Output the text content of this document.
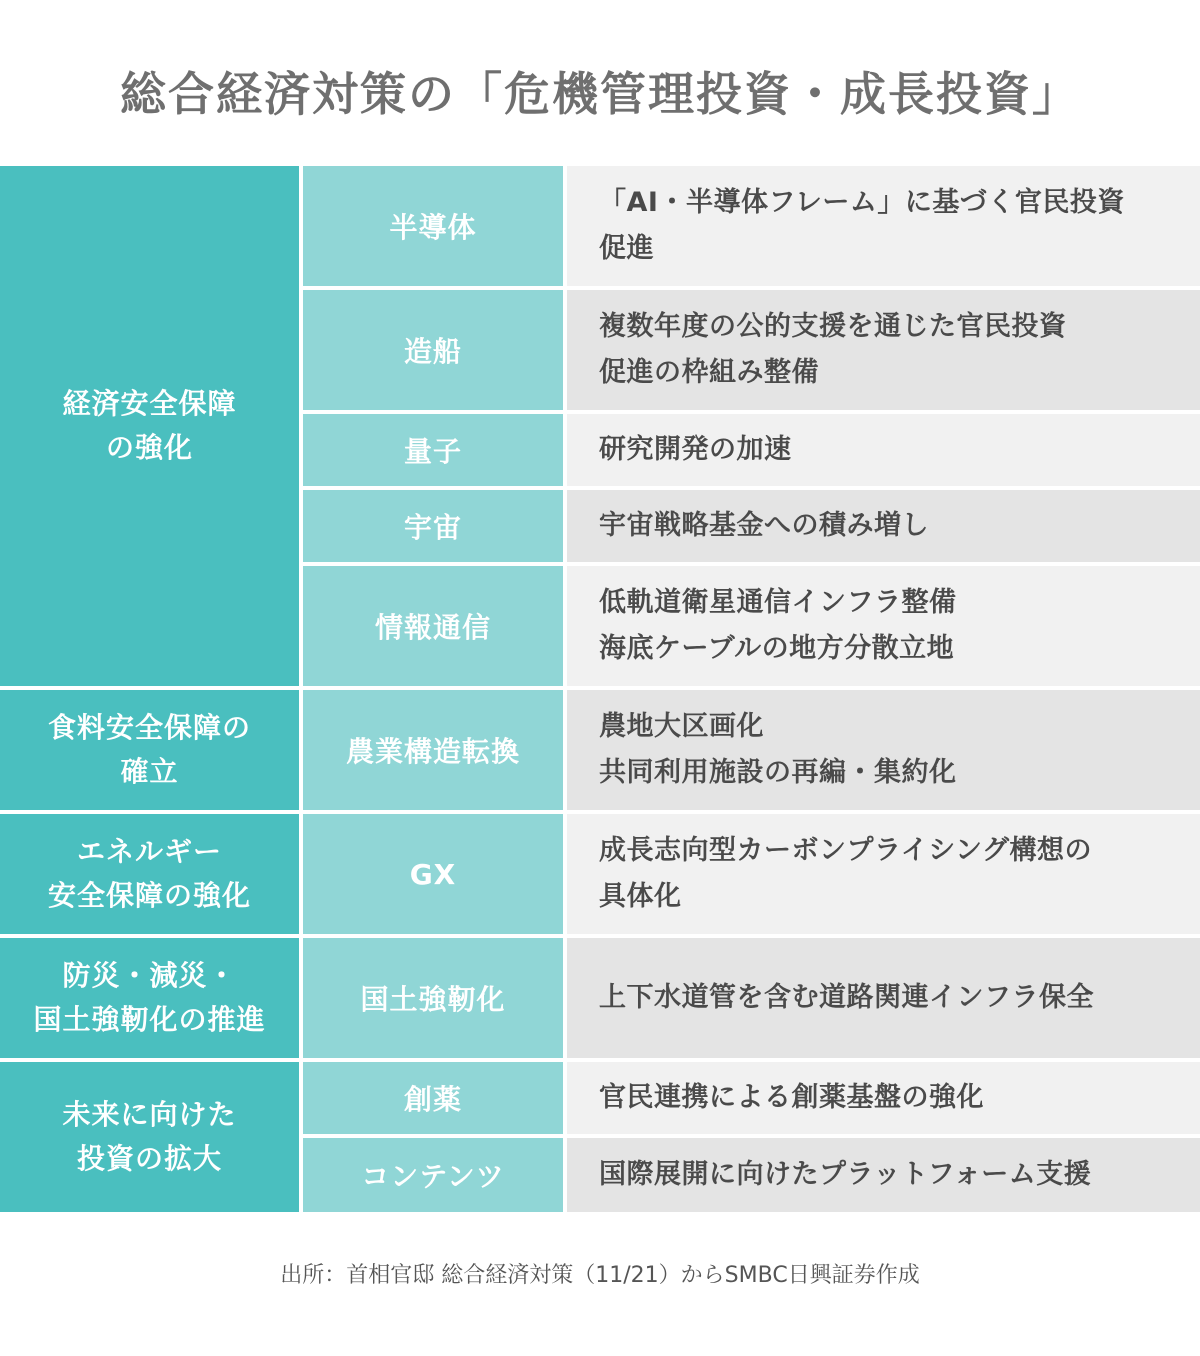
総合経済対策の「危機管理投資・成長投資」
経済安全保障
の強化
食料安全保障の
確立
エネルギー
安全保障の強化
防災・減災・
国土強靭化の推進
未来に向けた
投資の拡大
半導体
造船
量子
宇宙
情報通信
農業構造転換
GX
国土強靭化
創薬
コンテンツ
「AI・半導体フレーム」に基づく官民投資
促進
複数年度の公的支援を通じた官民投資
促進の枠組み整備
研究開発の加速
宇宙戦略基金への積み増し
低軌道衛星通信インフラ整備
海底ケーブルの地方分散立地
農地大区画化
共同利用施設の再編・集約化
成長志向型カーボンプライシング構想の
具体化
上下水道管を含む道路関連インフラ保全
官民連携による創薬基盤の強化
国際展開に向けたプラットフォーム支援
出所：首相官邸 総合経済対策（11/21）からSMBC日興証券作成
